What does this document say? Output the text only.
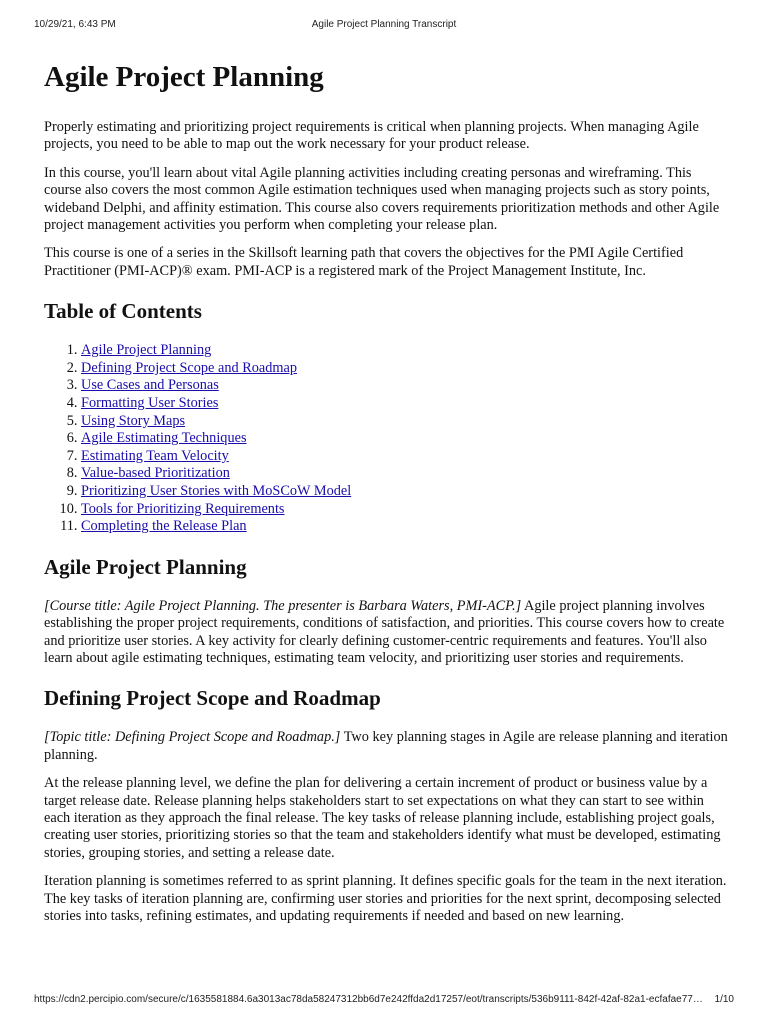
10/29/21, 6:43 PM	Agile Project Planning Transcript
Agile Project Planning

Properly estimating and prioritizing project requirements is critical when planning projects. When managing Agile projects, you need to be able to map out the work necessary for your product release.

In this course, you'll learn about vital Agile planning activities including creating personas and wireframing. This course also covers the most common Agile estimation techniques used when managing projects such as story points, wideband Delphi, and affinity estimation. This course also covers requirements prioritization methods and other Agile project management activities you perform when completing your release plan.

This course is one of a series in the Skillsoft learning path that covers the objectives for the PMI Agile Certified Practitioner (PMI-ACP)® exam. PMI-ACP is a registered mark of the Project Management Institute, Inc.

Table of Contents
1. Agile Project Planning
2. Defining Project Scope and Roadmap
3. Use Cases and Personas
4. Formatting User Stories
5. Using Story Maps
6. Agile Estimating Techniques
7. Estimating Team Velocity
8. Value-based Prioritization
9. Prioritizing User Stories with MoSCoW Model
10. Tools for Prioritizing Requirements
11. Completing the Release Plan
Agile Project Planning

[Course title: Agile Project Planning. The presenter is Barbara Waters, PMI-ACP.] Agile project planning involves establishing the proper project requirements, conditions of satisfaction, and priorities. This course covers how to create and prioritize user stories. A key activity for clearly defining customer-centric requirements and features. You'll also learn about agile estimating techniques, estimating team velocity, and prioritizing user stories and requirements.

Defining Project Scope and Roadmap

[Topic title: Defining Project Scope and Roadmap.] Two key planning stages in Agile are release planning and iteration planning.

At the release planning level, we define the plan for delivering a certain increment of product or business value by a target release date. Release planning helps stakeholders start to set expectations on what they can start to see within each iteration as they approach the final release. The key tasks of release planning include, establishing project goals, creating user stories, prioritizing stories so that the team and stakeholders identify what must be developed, estimating stories, grouping stories, and setting a release date.

Iteration planning is sometimes referred to as sprint planning. It defines specific goals for the team in the next iteration. The key tasks of iteration planning are, confirming user stories and priorities for the next sprint, decomposing selected stories into tasks, refining estimates, and updating requirements if needed and based on new learning.

https://cdn2.percipio.com/secure/c/1635581884.6a3013ac78da58247312bb6d7e242ffda2d17257/eot/transcripts/536b9111-842f-42af-82a1-ecfafae77…	1/10
